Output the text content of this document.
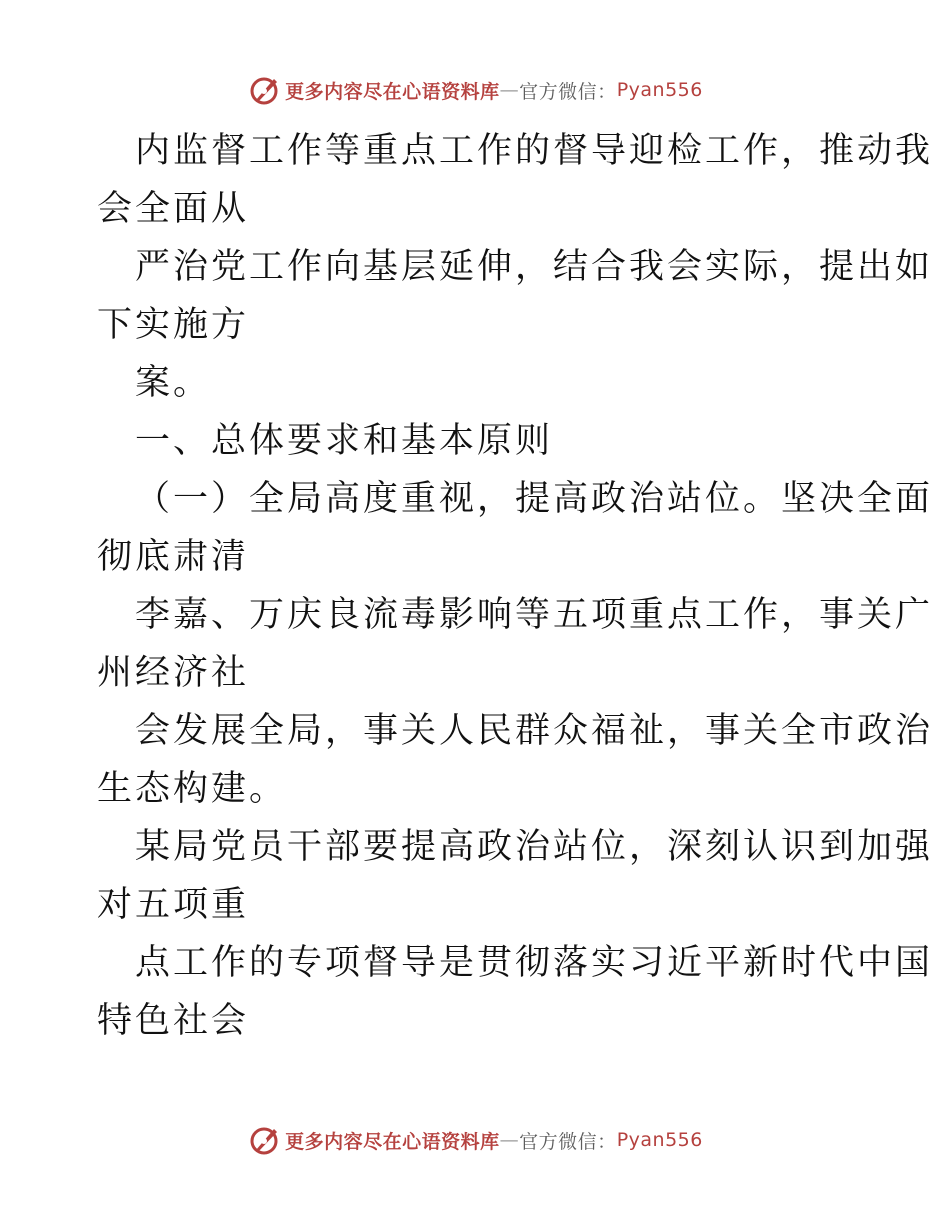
更多内容尽在心语资料库 — 官方微信： Pyan556
内监督工作等重点工作的督导迎检工作，推动我
会全面从
严治党工作向基层延伸，结合我会实际，提出如
下实施方
案。
一、总体要求和基本原则
（一）全局高度重视，提高政治站位。坚决全面
彻底肃清
李嘉、万庆良流毒影响等五项重点工作，事关广
州经济社
会发展全局，事关人民群众福祉，事关全市政治
生态构建。
某局党员干部要提高政治站位，深刻认识到加强
对五项重
点工作的专项督导是贯彻落实习近平新时代中国
特色社会
更多内容尽在心语资料库 — 官方微信： Pyan556
